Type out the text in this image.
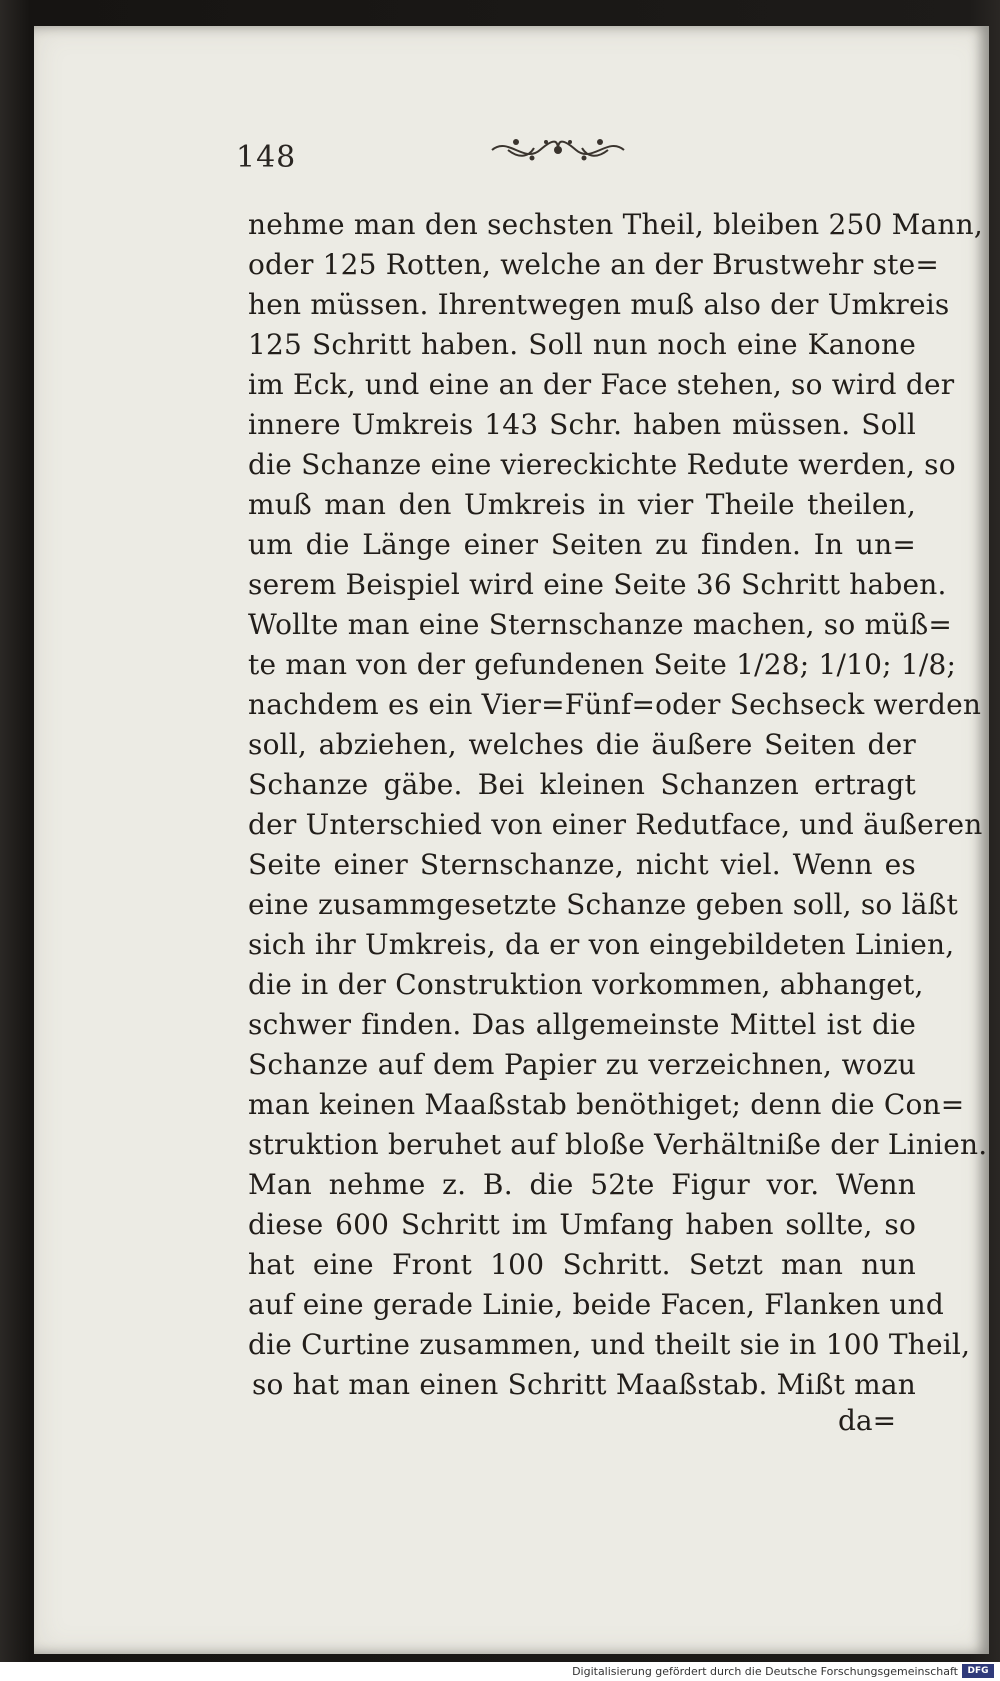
148
nehme man den sechsten Theil, bleiben 250 Mann,
oder 125 Rotten, welche an der Brustwehr ste=
hen müssen. Ihrentwegen muß also der Umkreis
125 Schritt haben. Soll nun noch eine Kanone
im Eck, und eine an der Face stehen, so wird der
innere Umkreis 143 Schr. haben müssen. Soll
die Schanze eine viereckichte Redute werden, so
muß man den Umkreis in vier Theile theilen,
um die Länge einer Seiten zu finden. In un=
serem Beispiel wird eine Seite 36 Schritt haben.
Wollte man eine Sternschanze machen, so müß=
te man von der gefundenen Seite 1/28; 1/10; 1/8;
nachdem es ein Vier=Fünf=oder Sechseck werden
soll, abziehen, welches die äußere Seiten der
Schanze gäbe. Bei kleinen Schanzen ertragt
der Unterschied von einer Redutface, und äußeren
Seite einer Sternschanze, nicht viel. Wenn es
eine zusammgesetzte Schanze geben soll, so läßt
sich ihr Umkreis, da er von eingebildeten Linien,
die in der Construktion vorkommen, abhanget,
schwer finden. Das allgemeinste Mittel ist die
Schanze auf dem Papier zu verzeichnen, wozu
man keinen Maaßstab benöthiget; denn die Con=
struktion beruhet auf bloße Verhältniße der Linien.
Man nehme z. B. die 52te Figur vor. Wenn
diese 600 Schritt im Umfang haben sollte, so
hat eine Front 100 Schritt. Setzt man nun
auf eine gerade Linie, beide Facen, Flanken und
die Curtine zusammen, und theilt sie in 100 Theil,
so hat man einen Schritt Maaßstab. Mißt man
da=
Digitalisierung gefördert durch die Deutsche Forschungsgemeinschaft	DFG
